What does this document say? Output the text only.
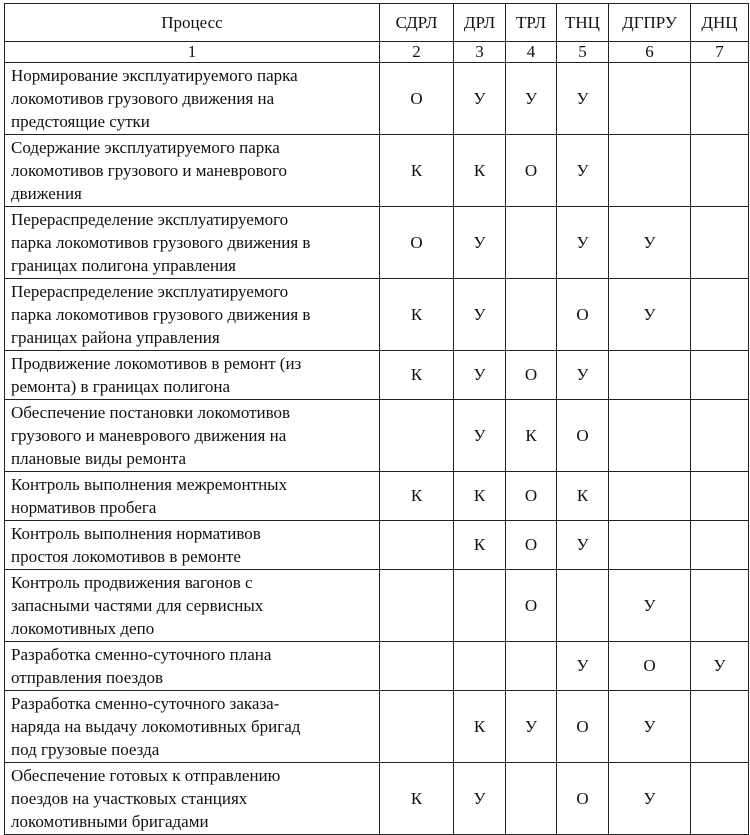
Процесс	СДРЛ	ДРЛ	ТРЛ	ТНЦ	ДГПРУ	ДНЦ
1	2	3	4	5	6	7

Нормирование эксплуатируемого парка
локомотивов грузового движения на
предстоящие сутки	О	У	У	У		

Содержание эксплуатируемого парка
локомотивов грузового и маневрового
движения	К	К	О	У		

Перераспределение эксплуатируемого
парка локомотивов грузового движения в
границах полигона управления	О	У		У	У	

Перераспределение эксплуатируемого
парка локомотивов грузового движения в
границах района управления	К	У		О	У	

Продвижение локомотивов в ремонт (из
ремонта) в границах полигона	К	У	О	У		

Обеспечение постановки локомотивов
грузового и маневрового движения на
плановые виды ремонта		У	К	О		

Контроль выполнения межремонтных
нормативов пробега	К	К	О	К		

Контроль выполнения нормативов
простоя локомотивов в ремонте		К	О	У		

Контроль продвижения вагонов с
запасными частями для сервисных
локомотивных депо			О		У	

Разработка сменно-суточного плана
отправления поездов				У	О	У

Разработка сменно-суточного заказа-
наряда на выдачу локомотивных бригад
под грузовые поезда		К	У	О	У	

Обеспечение готовых к отправлению
поездов на участковых станциях
локомотивными бригадами	К	У		О	У	
